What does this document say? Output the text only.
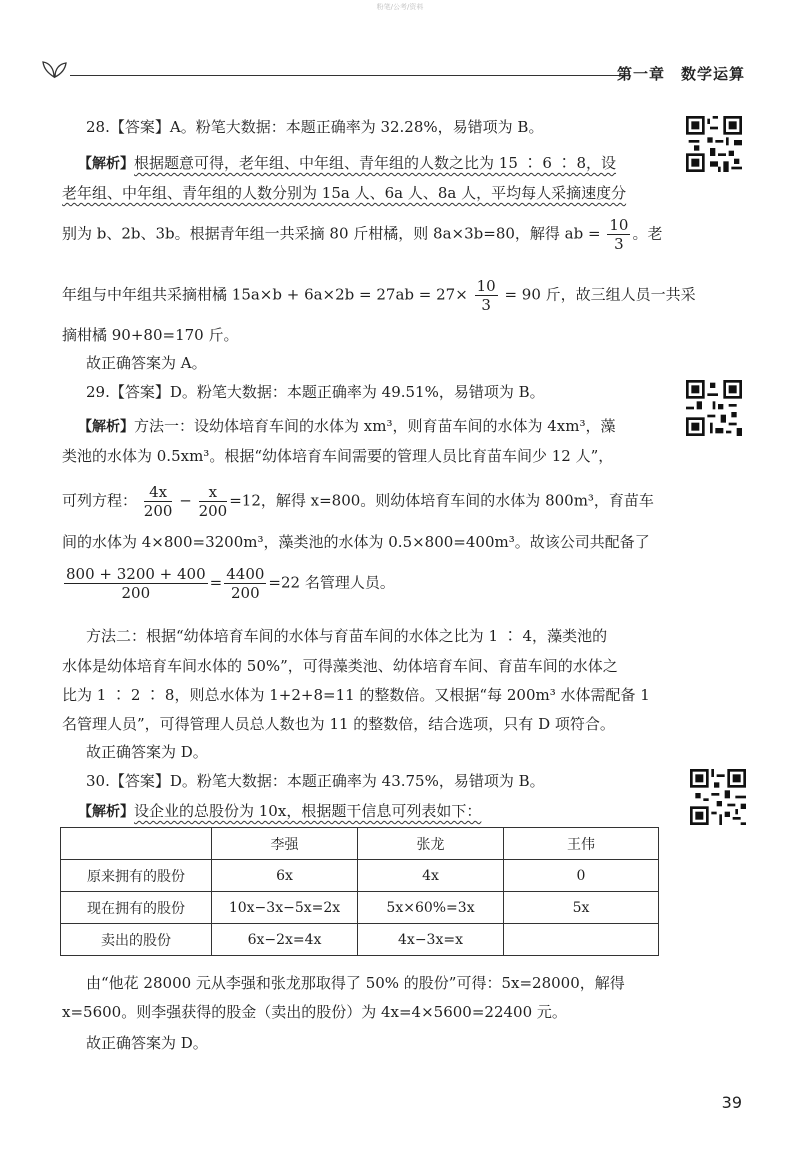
粉笔/公考/资料
第一章　数学运算
28.【答案】A。粉笔大数据：本题正确率为 32.28%，易错项为 B。
【解析】根据题意可得，老年组、中年组、青年组的人数之比为 15 ∶ 6 ∶ 8，设
老年组、中年组、青年组的人数分别为 15a 人、6a 人、8a 人，平均每人采摘速度分
别为 b、2b、3b。根据青年组一共采摘 80 斤柑橘，则 8a×3b=80，解得 ab = $\frac{10}{3}$ 。老
年组与中年组共采摘柑橘 $15a\times b + 6a\times 2b = 27ab = 27\times \frac{10}{3} = 90$ 斤，故三组人员一共采
摘柑橘 90+80=170 斤。
故正确答案为 A。
29.【答案】D。粉笔大数据：本题正确率为 49.51%，易错项为 B。
【解析】方法一：设幼体培育车间的水体为 xm³，则育苗车间的水体为 4xm³，藻
类池的水体为 0.5xm³。根据“幼体培育车间需要的管理人员比育苗车间少 12 人”，
可列方程： $\frac{4x}{200} - \frac{x}{200} =12$，解得 x=800。则幼体培育车间的水体为 800m³，育苗车
间的水体为 4×800=3200m³，藻类池的水体为 0.5×800=400m³。故该公司共配备了
$\frac{800 + 3200 + 400}{200} = \frac{4400}{200} =22$ 名管理人员。
方法二：根据“幼体培育车间的水体与育苗车间的水体之比为 1 ∶ 4，藻类池的
水体是幼体培育车间水体的 50%”，可得藻类池、幼体培育车间、育苗车间的水体之
比为 1 ∶ 2 ∶ 8，则总水体为 1+2+8=11 的整数倍。又根据“每 200m³ 水体需配备 1
名管理人员”，可得管理人员总人数也为 11 的整数倍，结合选项，只有 D 项符合。
故正确答案为 D。
30.【答案】D。粉笔大数据：本题正确率为 43.75%，易错项为 B。
【解析】设企业的总股份为 10x，根据题干信息可列表如下：
由“他花 28000 元从李强和张龙那取得了 50% 的股份”可得：5x=28000，解得
x=5600。则李强获得的股金（卖出的股份）为 4x=4×5600=22400 元。
故正确答案为 D。
	李强	张龙	王伟
原来拥有的股份	6x	4x	0
现在拥有的股份	10x−3x−5x=2x	5x×60%=3x	5x
卖出的股份	6x−2x=4x	4x−3x=x	
39
